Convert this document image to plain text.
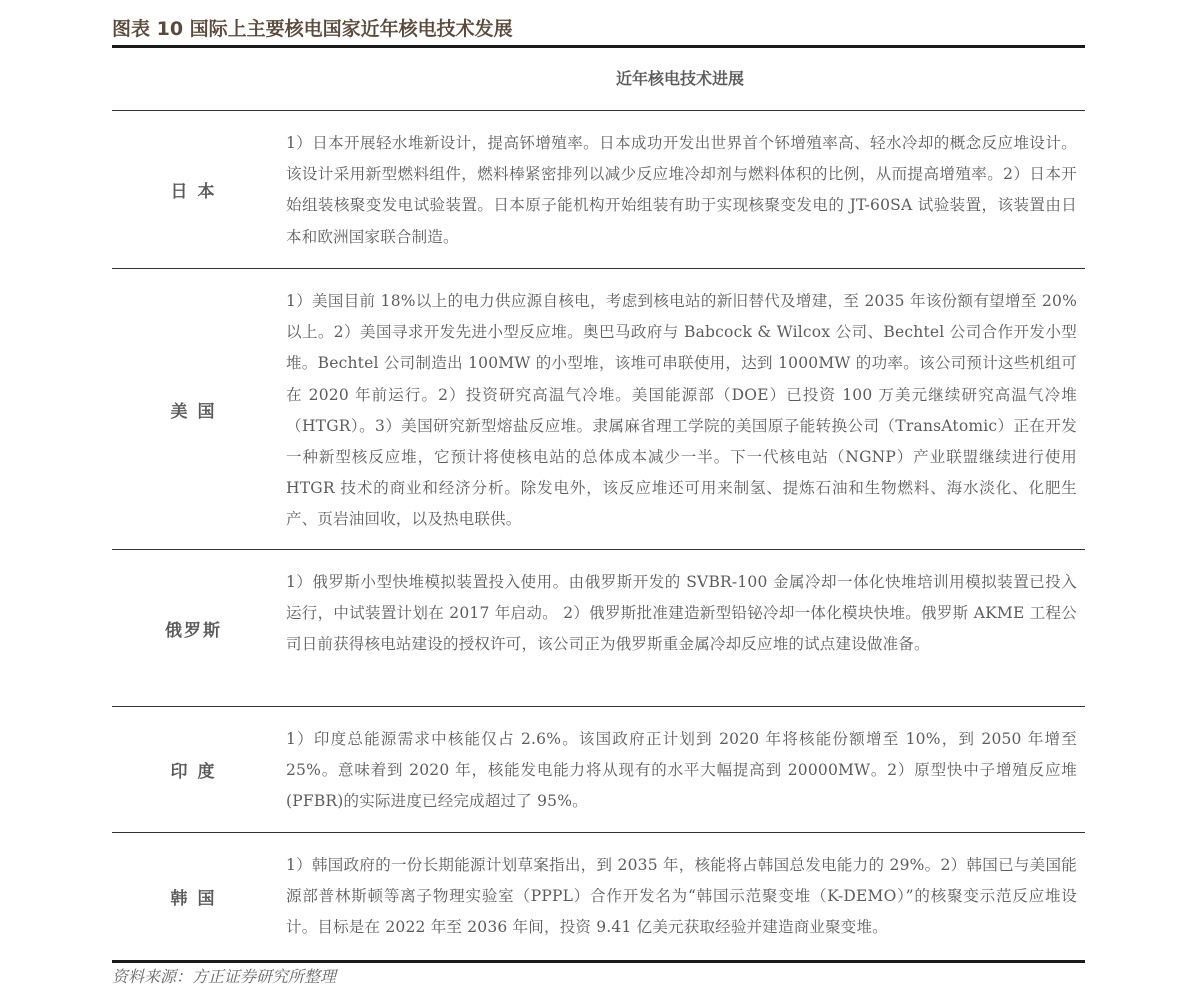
图表 10 国际上主要核电国家近年核电技术发展
近年核电技术进展
日 本
1）日本开展轻水堆新设计，提高钚增殖率。日本成功开发出世界首个钚增殖率高、轻水冷却的概念反应堆设计。该设计采用新型燃料组件，燃料棒紧密排列以减少反应堆冷却剂与燃料体积的比例，从而提高增殖率。2）日本开始组装核聚变发电试验装置。日本原子能机构开始组装有助于实现核聚变发电的 JT-60SA 试验装置，该装置由日本和欧洲国家联合制造。
美 国
1）美国目前 18%以上的电力供应源自核电，考虑到核电站的新旧替代及增建，至 2035 年该份额有望增至 20%以上。2）美国寻求开发先进小型反应堆。奥巴马政府与 Babcock & Wilcox 公司、Bechtel 公司合作开发小型堆。Bechtel 公司制造出 100MW 的小型堆，该堆可串联使用，达到 1000MW 的功率。该公司预计这些机组可在 2020 年前运行。2）投资研究高温气冷堆。美国能源部（DOE）已投资 100 万美元继续研究高温气冷堆（HTGR）。3）美国研究新型熔盐反应堆。隶属麻省理工学院的美国原子能转换公司（TransAtomic）正在开发一种新型核反应堆，它预计将使核电站的总体成本减少一半。下一代核电站（NGNP）产业联盟继续进行使用 HTGR 技术的商业和经济分析。除发电外，该反应堆还可用来制氢、提炼石油和生物燃料、海水淡化、化肥生产、页岩油回收，以及热电联供。
俄罗斯
1）俄罗斯小型快堆模拟装置投入使用。由俄罗斯开发的 SVBR-100 金属冷却一体化快堆培训用模拟装置已投入运行，中试装置计划在 2017 年启动。 2）俄罗斯批准建造新型铅铋冷却一体化模块快堆。俄罗斯 AKME 工程公司日前获得核电站建设的授权许可，该公司正为俄罗斯重金属冷却反应堆的试点建设做准备。
印 度
1）印度总能源需求中核能仅占 2.6%。该国政府正计划到 2020 年将核能份额增至 10%，到 2050 年增至 25%。意味着到 2020 年，核能发电能力将从现有的水平大幅提高到 20000MW。2）原型快中子增殖反应堆 (PFBR)的实际进度已经完成超过了 95%。
韩 国
1）韩国政府的一份长期能源计划草案指出，到 2035 年，核能将占韩国总发电能力的 29%。2）韩国已与美国能源部普林斯顿等离子物理实验室（PPPL）合作开发名为“韩国示范聚变堆（K-DEMO）”的核聚变示范反应堆设计。目标是在 2022 年至 2036 年间，投资 9.41 亿美元获取经验并建造商业聚变堆。
资料来源：方正证券研究所整理
